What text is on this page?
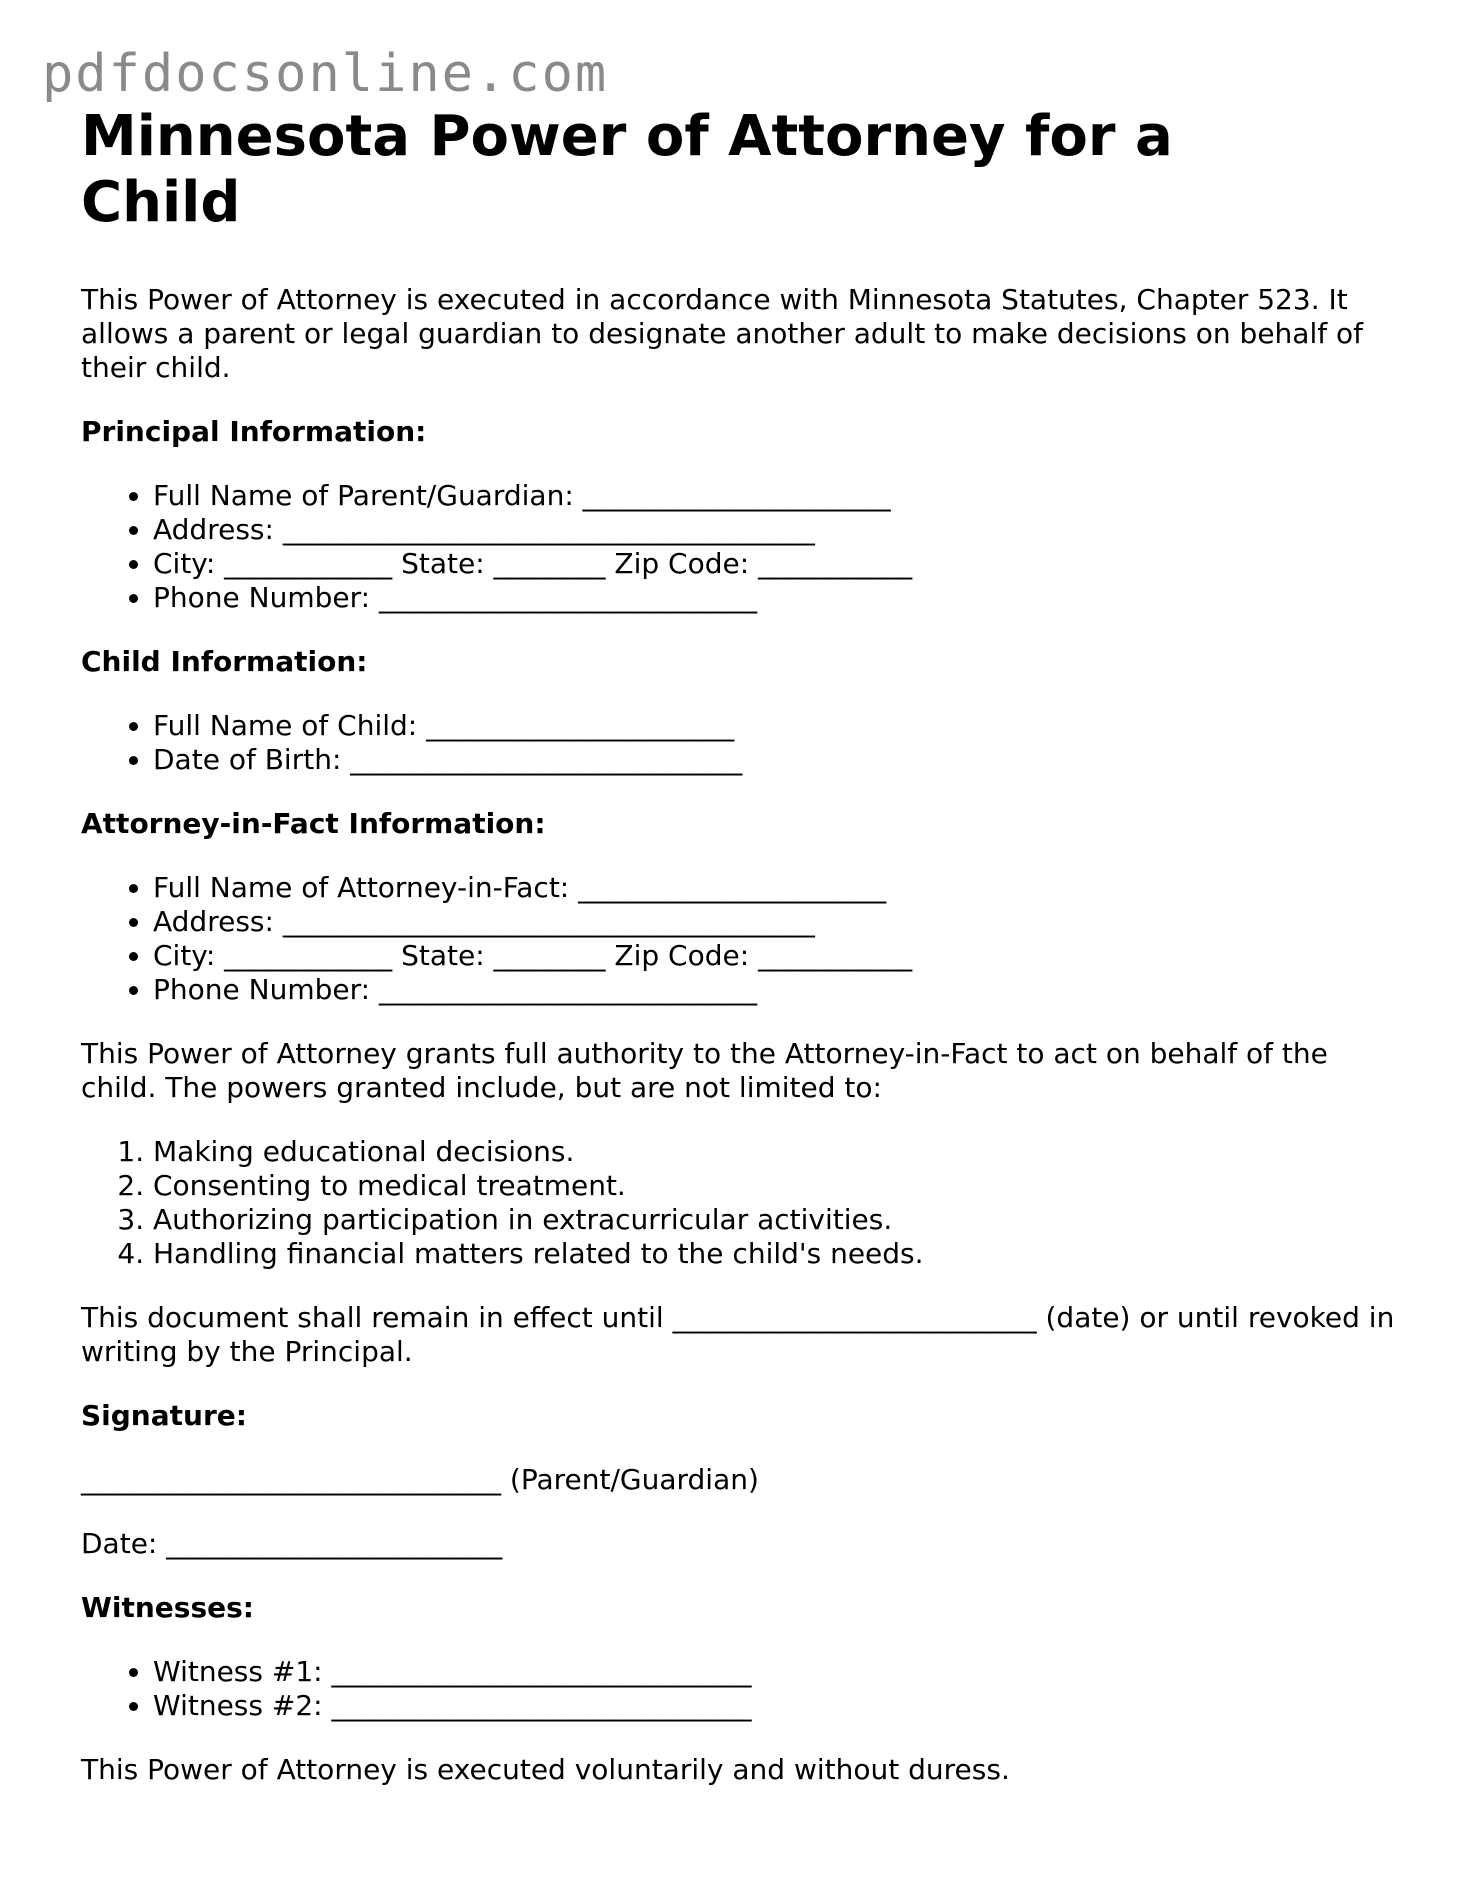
pdfdocsonline.com
Minnesota Power of Attorney for a Child

This Power of Attorney is executed in accordance with Minnesota Statutes, Chapter 523. It allows a parent or legal guardian to designate another adult to make decisions on behalf of their child.

Principal Information:

• Full Name of Parent/Guardian: ______________________
• Address: ______________________________________
• City: ____________ State: ________ Zip Code: ___________
• Phone Number: ___________________________

Child Information:

• Full Name of Child: ______________________
• Date of Birth: ____________________________

Attorney-in-Fact Information:

• Full Name of Attorney-in-Fact: ______________________
• Address: ______________________________________
• City: ____________ State: ________ Zip Code: ___________
• Phone Number: ___________________________

This Power of Attorney grants full authority to the Attorney-in-Fact to act on behalf of the child. The powers granted include, but are not limited to:

1. Making educational decisions.
2. Consenting to medical treatment.
3. Authorizing participation in extracurricular activities.
4. Handling financial matters related to the child's needs.

This document shall remain in effect until __________________________ (date) or until revoked in writing by the Principal.

Signature:

______________________________ (Parent/Guardian)

Date: ________________________

Witnesses:

• Witness #1: ______________________________
• Witness #2: ______________________________

This Power of Attorney is executed voluntarily and without duress.
